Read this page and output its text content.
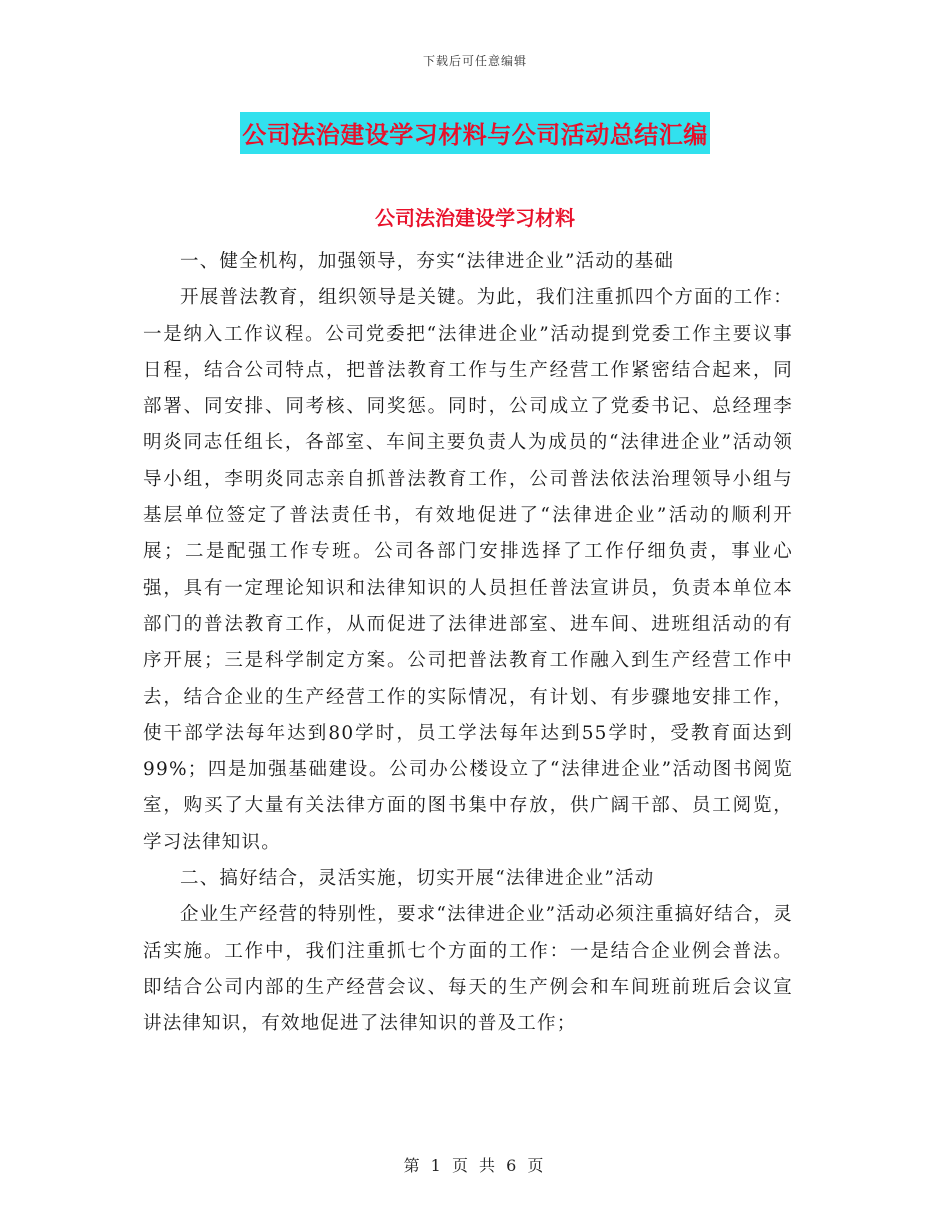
下载后可任意编辑
公司法治建设学习材料与公司活动总结汇编
公司法治建设学习材料

一、健全机构，加强领导，夯实“法律进企业”活动的基础

开展普法教育，组织领导是关键。为此，我们注重抓四个方面的工作：一是纳入工作议程。公司党委把“法律进企业”活动提到党委工作主要议事日程，结合公司特点，把普法教育工作与生产经营工作紧密结合起来，同部署、同安排、同考核、同奖惩。同时，公司成立了党委书记、总经理李明炎同志任组长，各部室、车间主要负责人为成员的“法律进企业”活动领导小组，李明炎同志亲自抓普法教育工作，公司普法依法治理领导小组与基层单位签定了普法责任书，有效地促进了“法律进企业”活动的顺利开展；二是配强工作专班。公司各部门安排选择了工作仔细负责，事业心强，具有一定理论知识和法律知识的人员担任普法宣讲员，负责本单位本部门的普法教育工作，从而促进了法律进部室、进车间、进班组活动的有序开展；三是科学制定方案。公司把普法教育工作融入到生产经营工作中去，结合企业的生产经营工作的实际情况，有计划、有步骤地安排工作，使干部学法每年达到80学时，员工学法每年达到55学时，受教育面达到99%；四是加强基础建设。公司办公楼设立了“法律进企业”活动图书阅览室，购买了大量有关法律方面的图书集中存放，供广阔干部、员工阅览，学习法律知识。

二、搞好结合，灵活实施，切实开展“法律进企业”活动

企业生产经营的特别性，要求“法律进企业”活动必须注重搞好结合，灵活实施。工作中，我们注重抓七个方面的工作：一是结合企业例会普法。即结合公司内部的生产经营会议、每天的生产例会和车间班前班后会议宣讲法律知识，有效地促进了法律知识的普及工作；

第 1 页 共 6 页
